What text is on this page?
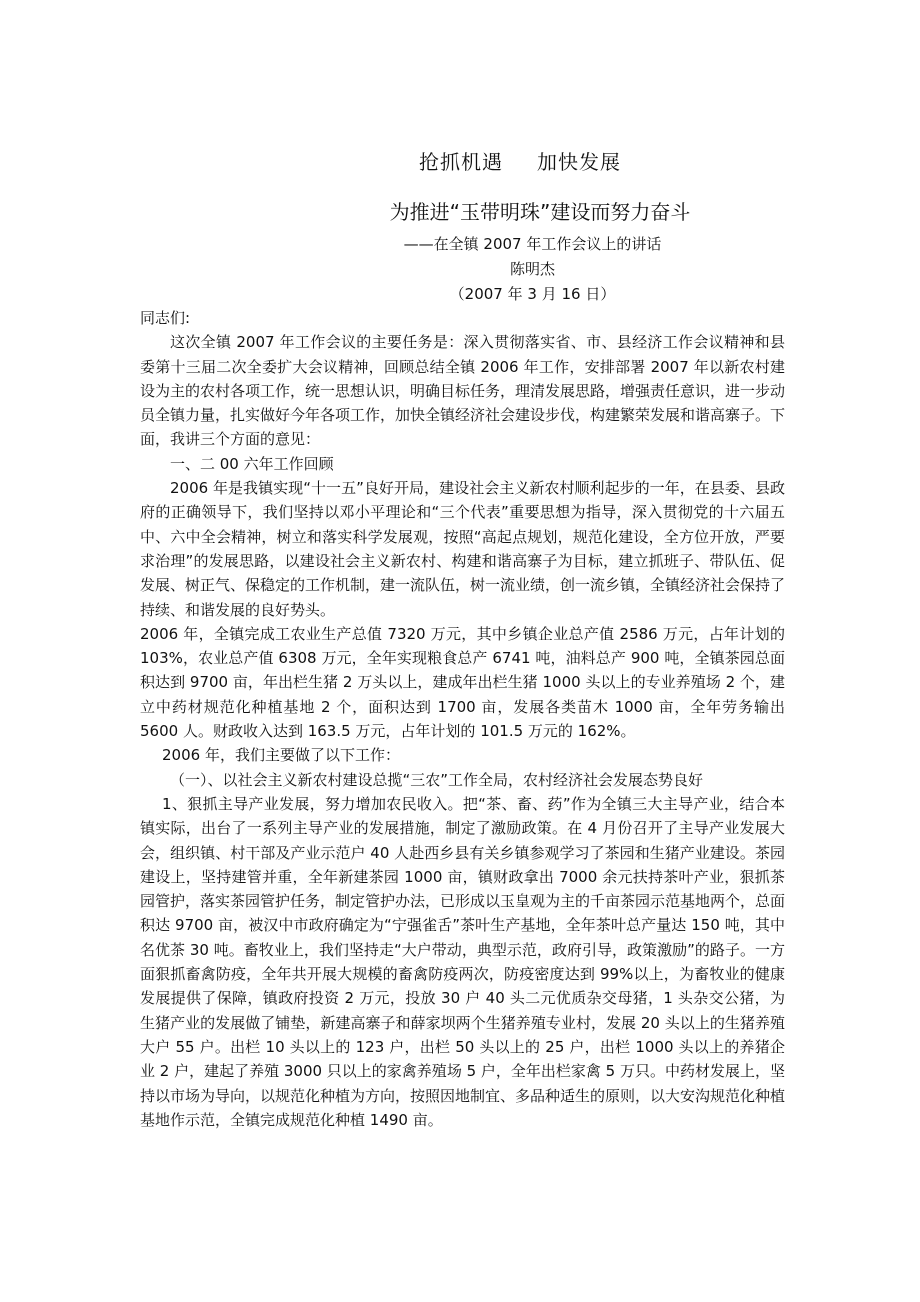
抢抓机遇 加快发展
为推进“玉带明珠”建设而努力奋斗
——在全镇 2007 年工作会议上的讲话
陈明杰
（2007 年 3 月 16 日）

同志们:

这次全镇 2007 年工作会议的主要任务是：深入贯彻落实省、市、县经济工作会议精神和县委第十三届二次全委扩大会议精神，回顾总结全镇 2006 年工作，安排部署 2007 年以新农村建设为主的农村各项工作，统一思想认识，明确目标任务，理清发展思路，增强责任意识，进一步动员全镇力量，扎实做好今年各项工作，加快全镇经济社会建设步伐，构建繁荣发展和谐高寨子。下面，我讲三个方面的意见：

一、二 00 六年工作回顾

2006 年是我镇实现“十一五”良好开局，建设社会主义新农村顺利起步的一年，在县委、县政府的正确领导下，我们坚持以邓小平理论和“三个代表”重要思想为指导，深入贯彻党的十六届五中、六中全会精神，树立和落实科学发展观，按照“高起点规划，规范化建设，全方位开放，严要求治理”的发展思路，以建设社会主义新农村、构建和谐高寨子为目标，建立抓班子、带队伍、促发展、树正气、保稳定的工作机制，建一流队伍，树一流业绩，创一流乡镇，全镇经济社会保持了持续、和谐发展的良好势头。

2006 年，全镇完成工农业生产总值 7320 万元，其中乡镇企业总产值 2586 万元，占年计划的 103%，农业总产值 6308 万元，全年实现粮食总产 6741 吨，油料总产 900 吨，全镇茶园总面积达到 9700 亩，年出栏生猪 2 万头以上，建成年出栏生猪 1000 头以上的专业养殖场 2 个，建立中药材规范化种植基地 2 个，面积达到 1700 亩，发展各类苗木 1000 亩，全年劳务输出 5600 人。财政收入达到 163.5 万元，占年计划的 101.5 万元的 162%。

2006 年，我们主要做了以下工作：

（一）、以社会主义新农村建设总揽“三农”工作全局，农村经济社会发展态势良好

1、狠抓主导产业发展，努力增加农民收入。把“茶、畜、药”作为全镇三大主导产业，结合本镇实际，出台了一系列主导产业的发展措施，制定了激励政策。在 4 月份召开了主导产业发展大会，组织镇、村干部及产业示范户 40 人赴西乡县有关乡镇参观学习了茶园和生猪产业建设。茶园建设上，坚持建管并重，全年新建茶园 1000 亩，镇财政拿出 7000 余元扶持茶叶产业，狠抓茶园管护，落实茶园管护任务，制定管护办法，已形成以玉皇观为主的千亩茶园示范基地两个，总面积达 9700 亩，被汉中市政府确定为“宁强雀舌”茶叶生产基地，全年茶叶总产量达 150 吨，其中名优茶 30 吨。畜牧业上，我们坚持走“大户带动，典型示范，政府引导，政策激励”的路子。一方面狠抓畜禽防疫，全年共开展大规模的畜禽防疫两次，防疫密度达到 99%以上，为畜牧业的健康发展提供了保障，镇政府投资 2 万元，投放 30 户 40 头二元优质杂交母猪，1 头杂交公猪，为生猪产业的发展做了铺垫，新建高寨子和薛家坝两个生猪养殖专业村，发展 20 头以上的生猪养殖大户 55 户。出栏 10 头以上的 123 户，出栏 50 头以上的 25 户，出栏 1000 头以上的养猪企业 2 户，建起了养殖 3000 只以上的家禽养殖场 5 户，全年出栏家禽 5 万只。中药材发展上，坚持以市场为导向，以规范化种植为方向，按照因地制宜、多品种适生的原则，以大安沟规范化种植基地作示范，全镇完成规范化种植 1490 亩。
